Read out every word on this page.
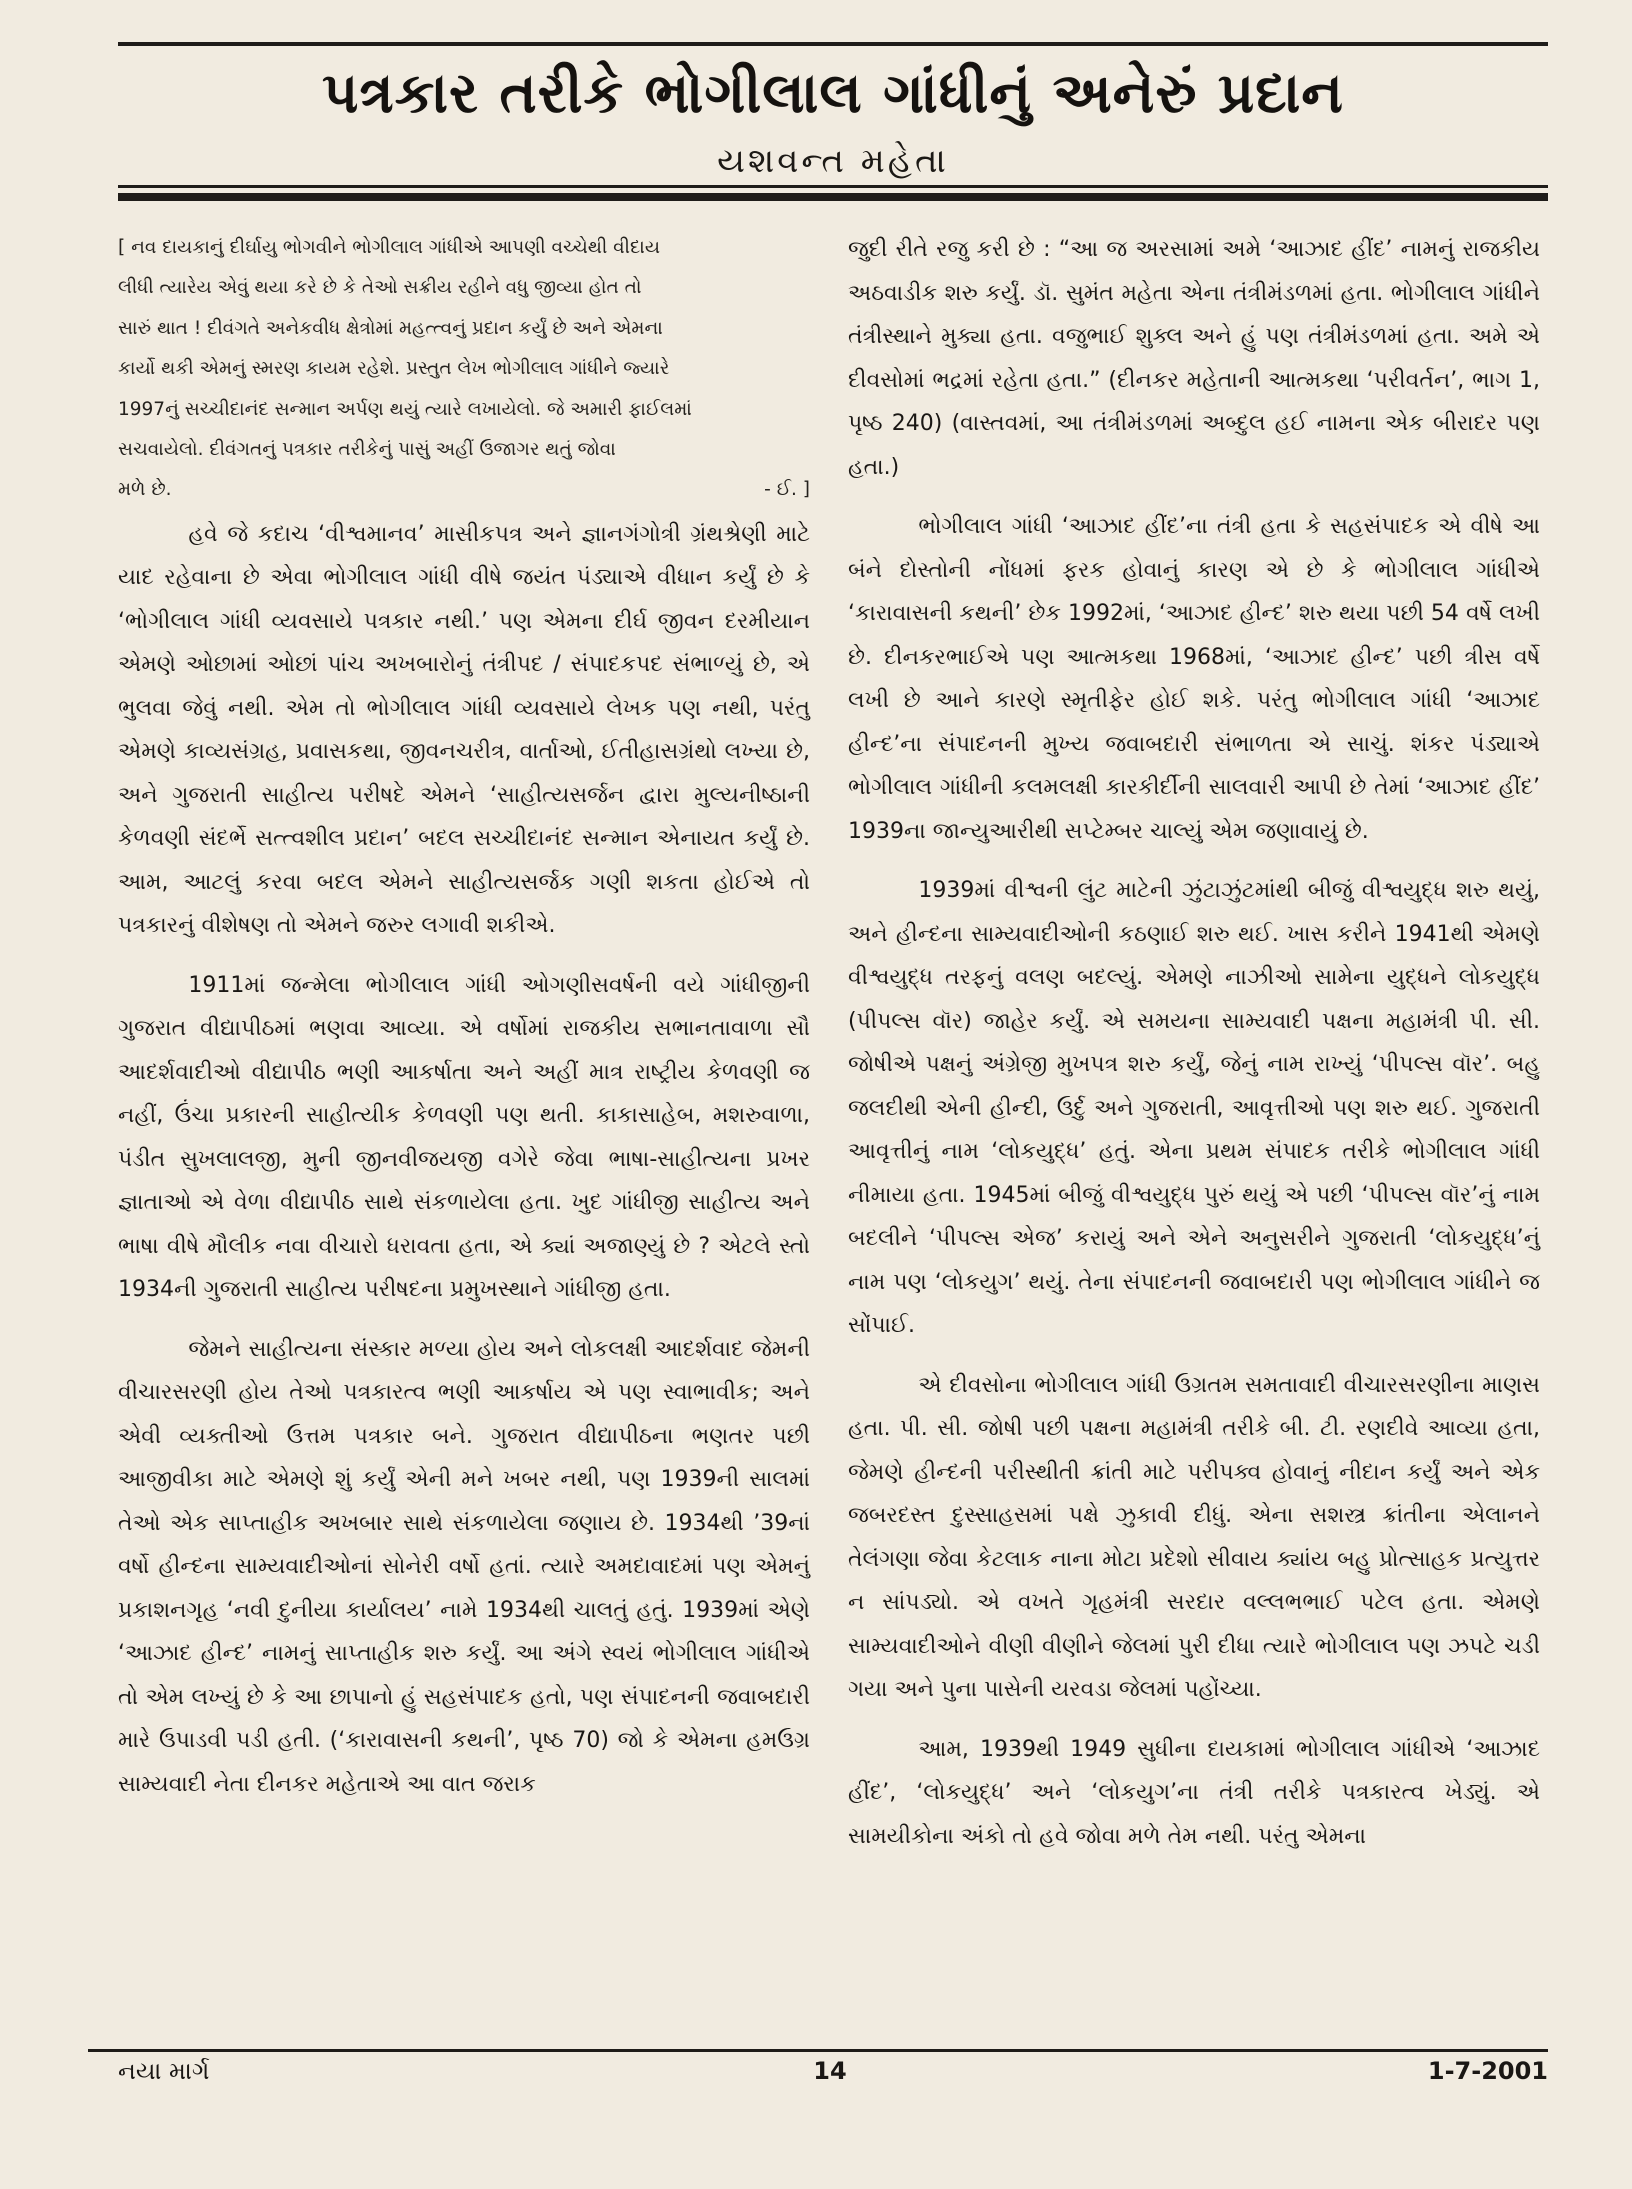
પત્રકાર તરીકે ભોગીલાલ ગાંધીનું અનેરું પ્રદાન
યશવન્ત મહેતા

[ નવ દાયકાનું દીર્ઘાયુ ભોગવીને ભોગીલાલ ગાંધીએ આપણી વચ્ચેથી વીદાય
લીધી ત્યારેય એવું થયા કરે છે કે તેઓ સક્રીય રહીને વધુ જીવ્યા હોત તો
સારું થાત ! દીવંગતે અનેકવીધ ક્ષેત્રોમાં મહત્ત્વનું પ્રદાન કર્યું છે અને એમના
કાર્યો થકી એમનું સ્મરણ કાયમ રહેશે. પ્રસ્તુત લેખ ભોગીલાલ ગાંધીને જ્યારે
1997નું સચ્ચીદાનંદ સન્માન અર્પણ થયું ત્યારે લખાયેલો. જે અમારી ફાઈલમાં
સચવાયેલો. દીવંગતનું પત્રકાર તરીકેનું પાસું અહીં ઉજાગર થતું જોવા
મળે છે.	- ઈ. ]

હવે જે કદાચ ‘વીશ્વમાનવ’ માસીકપત્ર અને જ્ઞાનગંગોત્રી ગ્રંથશ્રેણી માટે યાદ રહેવાના છે એવા ભોગીલાલ ગાંધી વીષે જયંત પંડ્યાએ વીધાન કર્યું છે કે ‘ભોગીલાલ ગાંધી વ્યવસાયે પત્રકાર નથી.’ પણ એમના દીર્ઘ જીવન દરમીયાન એમણે ઓછામાં ઓછાં પાંચ અખબારોનું તંત્રીપદ / સંપાદકપદ સંભાળ્યું છે, એ ભુલવા જેવું નથી. એમ તો ભોગીલાલ ગાંધી વ્યવસાયે લેખક પણ નથી, પરંતુ એમણે કાવ્યસંગ્રહ, પ્રવાસકથા, જીવનચરીત્ર, વાર્તાઓ, ઈતીહાસગ્રંથો લખ્યા છે, અને ગુજરાતી સાહીત્ય પરીષદે એમને ‘સાહીત્યસર્જન દ્વારા મુલ્યનીષ્ઠાની કેળવણી સંદર્ભે સત્ત્વશીલ પ્રદાન’ બદલ સચ્ચીદાનંદ સન્માન એનાયત કર્યું છે. આમ, આટલું કરવા બદલ એમને સાહીત્યસર્જક ગણી શકતા હોઈએ તો પત્રકારનું વીશેષણ તો એમને જરુર લગાવી શકીએ.

1911માં જન્મેલા ભોગીલાલ ગાંધી ઓગણીસવર્ષની વયે ગાંધીજીની ગુજરાત વીદ્યાપીઠમાં ભણવા આવ્યા. એ વર્ષોમાં રાજકીય સભાનતાવાળા સૌ આદર્શવાદીઓ વીદ્યાપીઠ ભણી આકર્ષાતા અને અહીં માત્ર રાષ્ટ્રીય કેળવણી જ નહીં, ઉંચા પ્રકારની સાહીત્યીક કેળવણી પણ થતી. કાકાસાહેબ, મશરુવાળા, પંડીત સુખલાલજી, મુની જીનવીજયજી વગેરે જેવા ભાષા-સાહીત્યના પ્રખર જ્ઞાતાઓ એ વેળા વીદ્યાપીઠ સાથે સંકળાયેલા હતા. ખુદ ગાંધીજી સાહીત્ય અને ભાષા વીષે મૌલીક નવા વીચારો ધરાવતા હતા, એ ક્યાં અજાણ્યું છે ? એટલે સ્તો 1934ની ગુજરાતી સાહીત્ય પરીષદના પ્રમુખસ્થાને ગાંધીજી હતા.

જેમને સાહીત્યના સંસ્કાર મળ્યા હોય અને લોકલક્ષી આદર્શવાદ જેમની વીચારસરણી હોય તેઓ પત્રકારત્વ ભણી આકર્ષાય એ પણ સ્વાભાવીક; અને એવી વ્યક્તીઓ ઉત્તમ પત્રકાર બને. ગુજરાત વીદ્યાપીઠના ભણતર પછી આજીવીકા માટે એમણે શું કર્યું એની મને ખબર નથી, પણ 1939ની સાલમાં તેઓ એક સાપ્તાહીક અખબાર સાથે સંકળાયેલા જણાય છે. 1934થી ’39નાં વર્ષો હીન્દના સામ્યવાદીઓનાં સોનેરી વર્ષો હતાં. ત્યારે અમદાવાદમાં પણ એમનું પ્રકાશનગૃહ ‘નવી દુનીયા કાર્યાલય’ નામે 1934થી ચાલતું હતું. 1939માં એણે ‘આઝાદ હીન્દ’ નામનું સાપ્તાહીક શરુ કર્યું. આ અંગે સ્વયં ભોગીલાલ ગાંધીએ તો એમ લખ્યું છે કે આ છાપાનો હું સહસંપાદક હતો, પણ સંપાદનની જવાબદારી મારે ઉપાડવી પડી હતી. (‘કારાવાસની કથની’, પૃષ્ઠ 70) જો કે એમના હમઉગ્ર સામ્યવાદી નેતા દીનકર મહેતાએ આ વાત જરાક

જુદી રીતે રજુ કરી છે : “આ જ અરસામાં અમે ‘આઝાદ હીંદ’ નામનું રાજકીય અઠવાડીક શરુ કર્યું. ડૉ. સુમંત મહેતા એના તંત્રીમંડળમાં હતા. ભોગીલાલ ગાંધીને તંત્રીસ્થાને મુક્યા હતા. વજુભાઈ શુક્લ અને હું પણ તંત્રીમંડળમાં હતા. અમે એ દીવસોમાં ભદ્રમાં રહેતા હતા.” (દીનકર મહેતાની આત્મકથા ‘પરીવર્તન’, ભાગ 1, પૃષ્ઠ 240) (વાસ્તવમાં, આ તંત્રીમંડળમાં અબ્દુલ હઈ નામના એક બીરાદર પણ હતા.)

ભોગીલાલ ગાંધી ‘આઝાદ હીંદ’ના તંત્રી હતા કે સહસંપાદક એ વીષે આ બંને દોસ્તોની નોંધમાં ફરક હોવાનું કારણ એ છે કે ભોગીલાલ ગાંધીએ ‘કારાવાસની કથની’ છેક 1992માં, ‘આઝાદ હીન્દ’ શરુ થયા પછી 54 વર્ષે લખી છે. દીનકરભાઈએ પણ આત્મકથા 1968માં, ‘આઝાદ હીન્દ’ પછી ત્રીસ વર્ષે લખી છે આને કારણે સ્મૃતીફેર હોઈ શકે. પરંતુ ભોગીલાલ ગાંધી ‘આઝાદ હીન્દ’ના સંપાદનની મુખ્ય જવાબદારી સંભાળતા એ સાચું. શંકર પંડ્યાએ ભોગીલાલ ગાંધીની કલમલક્ષી કારકીર્દીની સાલવારી આપી છે તેમાં ‘આઝાદ હીંદ’ 1939ના જાન્યુઆરીથી સપ્ટેમ્બર ચાલ્યું એમ જણાવાયું છે.

1939માં વીશ્વની લુંટ માટેની ઝુંટાઝુંટમાંથી બીજું વીશ્વયુદ્ધ શરુ થયું, અને હીન્દના સામ્યવાદીઓની કઠણાઈ શરુ થઈ. ખાસ કરીને 1941થી એમણે વીશ્વયુદ્ધ તરફનું વલણ બદલ્યું. એમણે નાઝીઓ સામેના યુદ્ધને લોકયુદ્ધ (પીપલ્સ વૉર) જાહેર કર્યું. એ સમયના સામ્યવાદી પક્ષના મહામંત્રી પી. સી. જોષીએ પક્ષનું અંગ્રેજી મુખપત્ર શરુ કર્યું, જેનું નામ રાખ્યું ‘પીપલ્સ વૉર’. બહુ જલદીથી એની હીન્દી, ઉર્દુ અને ગુજરાતી, આવૃત્તીઓ પણ શરુ થઈ. ગુજરાતી આવૃત્તીનું નામ ‘લોકયુદ્ધ’ હતું. એના પ્રથમ સંપાદક તરીકે ભોગીલાલ ગાંધી નીમાયા હતા. 1945માં બીજું વીશ્વયુદ્ધ પુરું થયું એ પછી ‘પીપલ્સ વૉર’નું નામ બદલીને ‘પીપલ્સ એજ’ કરાયું અને એને અનુસરીને ગુજરાતી ‘લોકયુદ્ધ’નું નામ પણ ‘લોકયુગ’ થયું. તેના સંપાદનની જવાબદારી પણ ભોગીલાલ ગાંધીને જ સોંપાઈ.

એ દીવસોના ભોગીલાલ ગાંધી ઉગ્રતમ સમતાવાદી વીચારસરણીના માણસ હતા. પી. સી. જોષી પછી પક્ષના મહામંત્રી તરીકે બી. ટી. રણદીવે આવ્યા હતા, જેમણે હીન્દની પરીસ્થીતી ક્રાંતી માટે પરીપક્વ હોવાનું નીદાન કર્યું અને એક જબરદસ્ત દુસ્સાહસમાં પક્ષે ઝુકાવી દીધું. એના સશસ્ત્ર ક્રાંતીના એલાનને તેલંગણા જેવા કેટલાક નાના મોટા પ્રદેશો સીવાય ક્યાંય બહુ પ્રોત્સાહક પ્રત્યુત્તર ન સાંપડ્યો. એ વખતે ગૃહમંત્રી સરદાર વલ્લભભાઈ પટેલ હતા. એમણે સામ્યવાદીઓને વીણી વીણીને જેલમાં પુરી દીધા ત્યારે ભોગીલાલ પણ ઝપટે ચડી ગયા અને પુના પાસેની યરવડા જેલમાં પહોંચ્યા.

આમ, 1939થી 1949 સુધીના દાયકામાં ભોગીલાલ ગાંધીએ ‘આઝાદ હીંદ’, ‘લોકયુદ્ધ’ અને ‘લોકયુગ’ના તંત્રી તરીકે પત્રકારત્વ ખેડ્યું. એ સામયીકોના અંકો તો હવે જોવા મળે તેમ નથી. પરંતુ એમના

નયા માર્ગ	14	1-7-2001
